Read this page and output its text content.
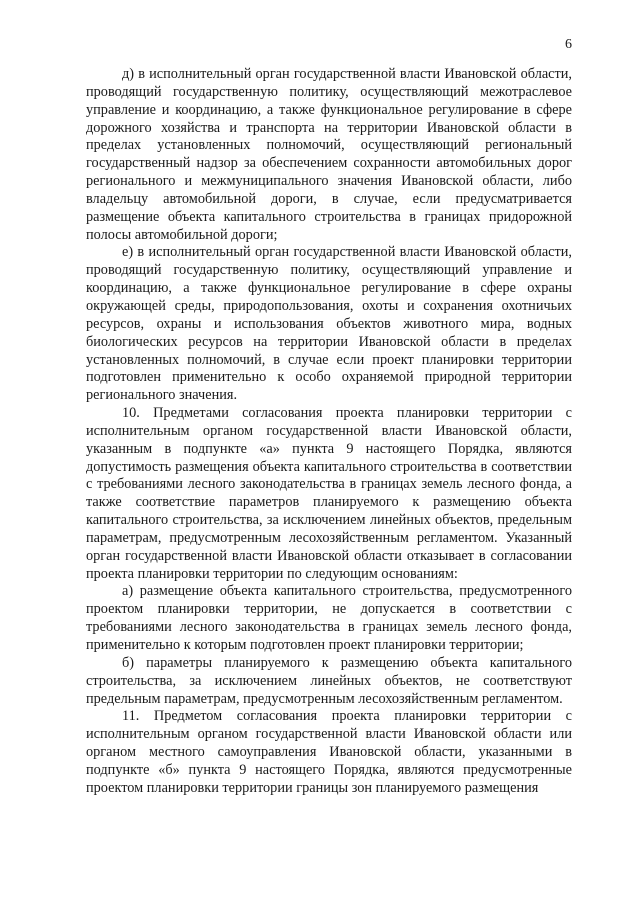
6

д) в исполнительный орган государственной власти Ивановской области, проводящий государственную политику, осуществляющий межотраслевое управление и координацию, а также функциональное регулирование в сфере дорожного хозяйства и транспорта на территории Ивановской области в пределах установленных полномочий, осуществляющий региональный государственный надзор за обеспечением сохранности автомобильных дорог регионального и межмуниципального значения Ивановской области, либо владельцу автомобильной дороги, в случае, если предусматривается размещение объекта капитального строительства в границах придорожной полосы автомобильной дороги;

е) в исполнительный орган государственной власти Ивановской области, проводящий государственную политику, осуществляющий управление и координацию, а также функциональное регулирование в сфере охраны окружающей среды, природопользования, охоты и сохранения охотничьих ресурсов, охраны и использования объектов животного мира, водных биологических ресурсов на территории Ивановской области в пределах установленных полномочий, в случае если проект планировки территории подготовлен применительно к особо охраняемой природной территории регионального значения.

10. Предметами согласования проекта планировки территории с исполнительным органом государственной власти Ивановской области, указанным в подпункте «а» пункта 9 настоящего Порядка, являются допустимость размещения объекта капитального строительства в соответствии с требованиями лесного законодательства в границах земель лесного фонда, а также соответствие параметров планируемого к размещению объекта капитального строительства, за исключением линейных объектов, предельным параметрам, предусмотренным лесохозяйственным регламентом. Указанный орган государственной власти Ивановской области отказывает в согласовании проекта планировки территории по следующим основаниям:

а) размещение объекта капитального строительства, предусмотренного проектом планировки территории, не допускается в соответствии с требованиями лесного законодательства в границах земель лесного фонда, применительно к которым подготовлен проект планировки территории;

б) параметры планируемого к размещению объекта капитального строительства, за исключением линейных объектов, не соответствуют предельным параметрам, предусмотренным лесохозяйственным регламентом.

11. Предметом согласования проекта планировки территории с исполнительным органом государственной власти Ивановской области или органом местного самоуправления Ивановской области, указанными в подпункте «б» пункта 9 настоящего Порядка, являются предусмотренные проектом планировки территории границы зон планируемого размещения
